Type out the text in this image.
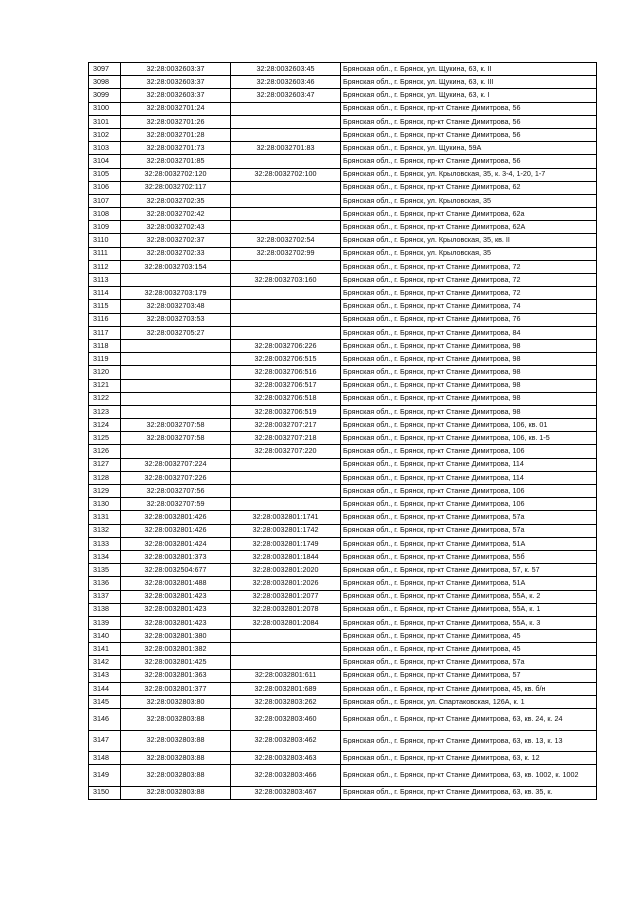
3097	32:28:0032603:37	32:28:0032603:45	Брянская обл., г. Брянск, ул. Щукина, 63, к. II
3098	32:28:0032603:37	32:28:0032603:46	Брянская обл., г. Брянск, ул. Щукина, 63, к. III
3099	32:28:0032603:37	32:28:0032603:47	Брянская обл., г. Брянск, ул. Щукина, 63, к. I
3100	32:28:0032701:24		Брянская обл., г. Брянск, пр-кт Станке Димитрова, 56
3101	32:28:0032701:26		Брянская обл., г. Брянск, пр-кт Станке Димитрова, 56
3102	32:28:0032701:28		Брянская обл., г. Брянск, пр-кт Станке Димитрова, 56
3103	32:28:0032701:73	32:28:0032701:83	Брянская обл., г. Брянск, ул. Щукина, 59А
3104	32:28:0032701:85		Брянская обл., г. Брянск, пр-кт Станке Димитрова, 56
3105	32:28:0032702:120	32:28:0032702:100	Брянская обл., г. Брянск, ул. Крыловская, 35, к. 3-4, 1-20, 1-7
3106	32:28:0032702:117		Брянская обл., г. Брянск, пр-кт Станке Димитрова, 62
3107	32:28:0032702:35		Брянская обл., г. Брянск, ул. Крыловская, 35
3108	32:28:0032702:42		Брянская обл., г. Брянск, пр-кт Станке Димитрова, 62а
3109	32:28:0032702:43		Брянская обл., г. Брянск, пр-кт Станке Димитрова, 62А
3110	32:28:0032702:37	32:28:0032702:54	Брянская обл., г. Брянск, ул. Крыловская, 35, кв. II
3111	32:28:0032702:33	32:28:0032702:99	Брянская обл., г. Брянск, ул. Крыловская, 35
3112	32:28:0032703:154		Брянская обл., г. Брянск, пр-кт Станке Димитрова, 72
3113		32:28:0032703:160	Брянская обл., г. Брянск, пр-кт Станке Димитрова, 72
3114	32:28:0032703:179		Брянская обл., г. Брянск, пр-кт Станке Димитрова, 72
3115	32:28:0032703:48		Брянская обл., г. Брянск, пр-кт Станке Димитрова, 74
3116	32:28:0032703:53		Брянская обл., г. Брянск, пр-кт Станке Димитрова, 76
3117	32:28:0032705:27		Брянская обл., г. Брянск, пр-кт Станке Димитрова, 84
3118		32:28:0032706:226	Брянская обл., г. Брянск, пр-кт Станке Димитрова, 98
3119		32:28:0032706:515	Брянская обл., г. Брянск, пр-кт Станке Димитрова, 98
3120		32:28:0032706:516	Брянская обл., г. Брянск, пр-кт Станке Димитрова, 98
3121		32:28:0032706:517	Брянская обл., г. Брянск, пр-кт Станке Димитрова, 98
3122		32:28:0032706:518	Брянская обл., г. Брянск, пр-кт Станке Димитрова, 98
3123		32:28:0032706:519	Брянская обл., г. Брянск, пр-кт Станке Димитрова, 98
3124	32:28:0032707:58	32:28:0032707:217	Брянская обл., г. Брянск, пр-кт Станке Димитрова, 106, кв. 01
3125	32:28:0032707:58	32:28:0032707:218	Брянская обл., г. Брянск, пр-кт Станке Димитрова, 106, кв. 1-5
3126		32:28:0032707:220	Брянская обл., г. Брянск, пр-кт Станке Димитрова, 106
3127	32:28:0032707:224		Брянская обл., г. Брянск, пр-кт Станке Димитрова, 114
3128	32:28:0032707:226		Брянская обл., г. Брянск, пр-кт Станке Димитрова, 114
3129	32:28:0032707:56		Брянская обл., г. Брянск, пр-кт Станке Димитрова, 106
3130	32:28:0032707:59		Брянская обл., г. Брянск, пр-кт Станке Димитрова, 106
3131	32:28:0032801:426	32:28:0032801:1741	Брянская обл., г. Брянск, пр-кт Станке Димитрова, 57а
3132	32:28:0032801:426	32:28:0032801:1742	Брянская обл., г. Брянск, пр-кт Станке Димитрова, 57а
3133	32:28:0032801:424	32:28:0032801:1749	Брянская обл., г. Брянск, пр-кт Станке Димитрова, 51А
3134	32:28:0032801:373	32:28:0032801:1844	Брянская обл., г. Брянск, пр-кт Станке Димитрова, 55б
3135	32:28:0032504:677	32:28:0032801:2020	Брянская обл., г. Брянск, пр-кт Станке Димитрова, 57, к. 57
3136	32:28:0032801:488	32:28:0032801:2026	Брянская обл., г. Брянск, пр-кт Станке Димитрова, 51А
3137	32:28:0032801:423	32:28:0032801:2077	Брянская обл., г. Брянск, пр-кт Станке Димитрова, 55А, к. 2
3138	32:28:0032801:423	32:28:0032801:2078	Брянская обл., г. Брянск, пр-кт Станке Димитрова, 55А, к. 1
3139	32:28:0032801:423	32:28:0032801:2084	Брянская обл., г. Брянск, пр-кт Станке Димитрова, 55А, к. 3
3140	32:28:0032801:380		Брянская обл., г. Брянск, пр-кт Станке Димитрова, 45
3141	32:28:0032801:382		Брянская обл., г. Брянск, пр-кт Станке Димитрова, 45
3142	32:28:0032801:425		Брянская обл., г. Брянск, пр-кт Станке Димитрова, 57а
3143	32:28:0032801:363	32:28:0032801:611	Брянская обл., г. Брянск, пр-кт Станке Димитрова, 57
3144	32:28:0032801:377	32:28:0032801:689	Брянская обл., г. Брянск, пр-кт Станке Димитрова, 45, кв. б/н
3145	32:28:0032803:80	32:28:0032803:262	Брянская обл., г. Брянск, ул. Спартаковская, 126А, к. 1
3146	32:28:0032803:88	32:28:0032803:460	Брянская обл., г. Брянск, пр-кт Станке Димитрова, 63, кв. 24, к. 24
3147	32:28:0032803:88	32:28:0032803:462	Брянская обл., г. Брянск, пр-кт Станке Димитрова, 63, кв. 13, к. 13
3148	32:28:0032803:88	32:28:0032803:463	Брянская обл., г. Брянск, пр-кт Станке Димитрова, 63, к. 12
3149	32:28:0032803:88	32:28:0032803:466	Брянская обл., г. Брянск, пр-кт Станке Димитрова, 63, кв. 1002, к. 1002
3150	32:28:0032803:88	32:28:0032803:467	Брянская обл., г. Брянск, пр-кт Станке Димитрова, 63, кв. 35, к.
